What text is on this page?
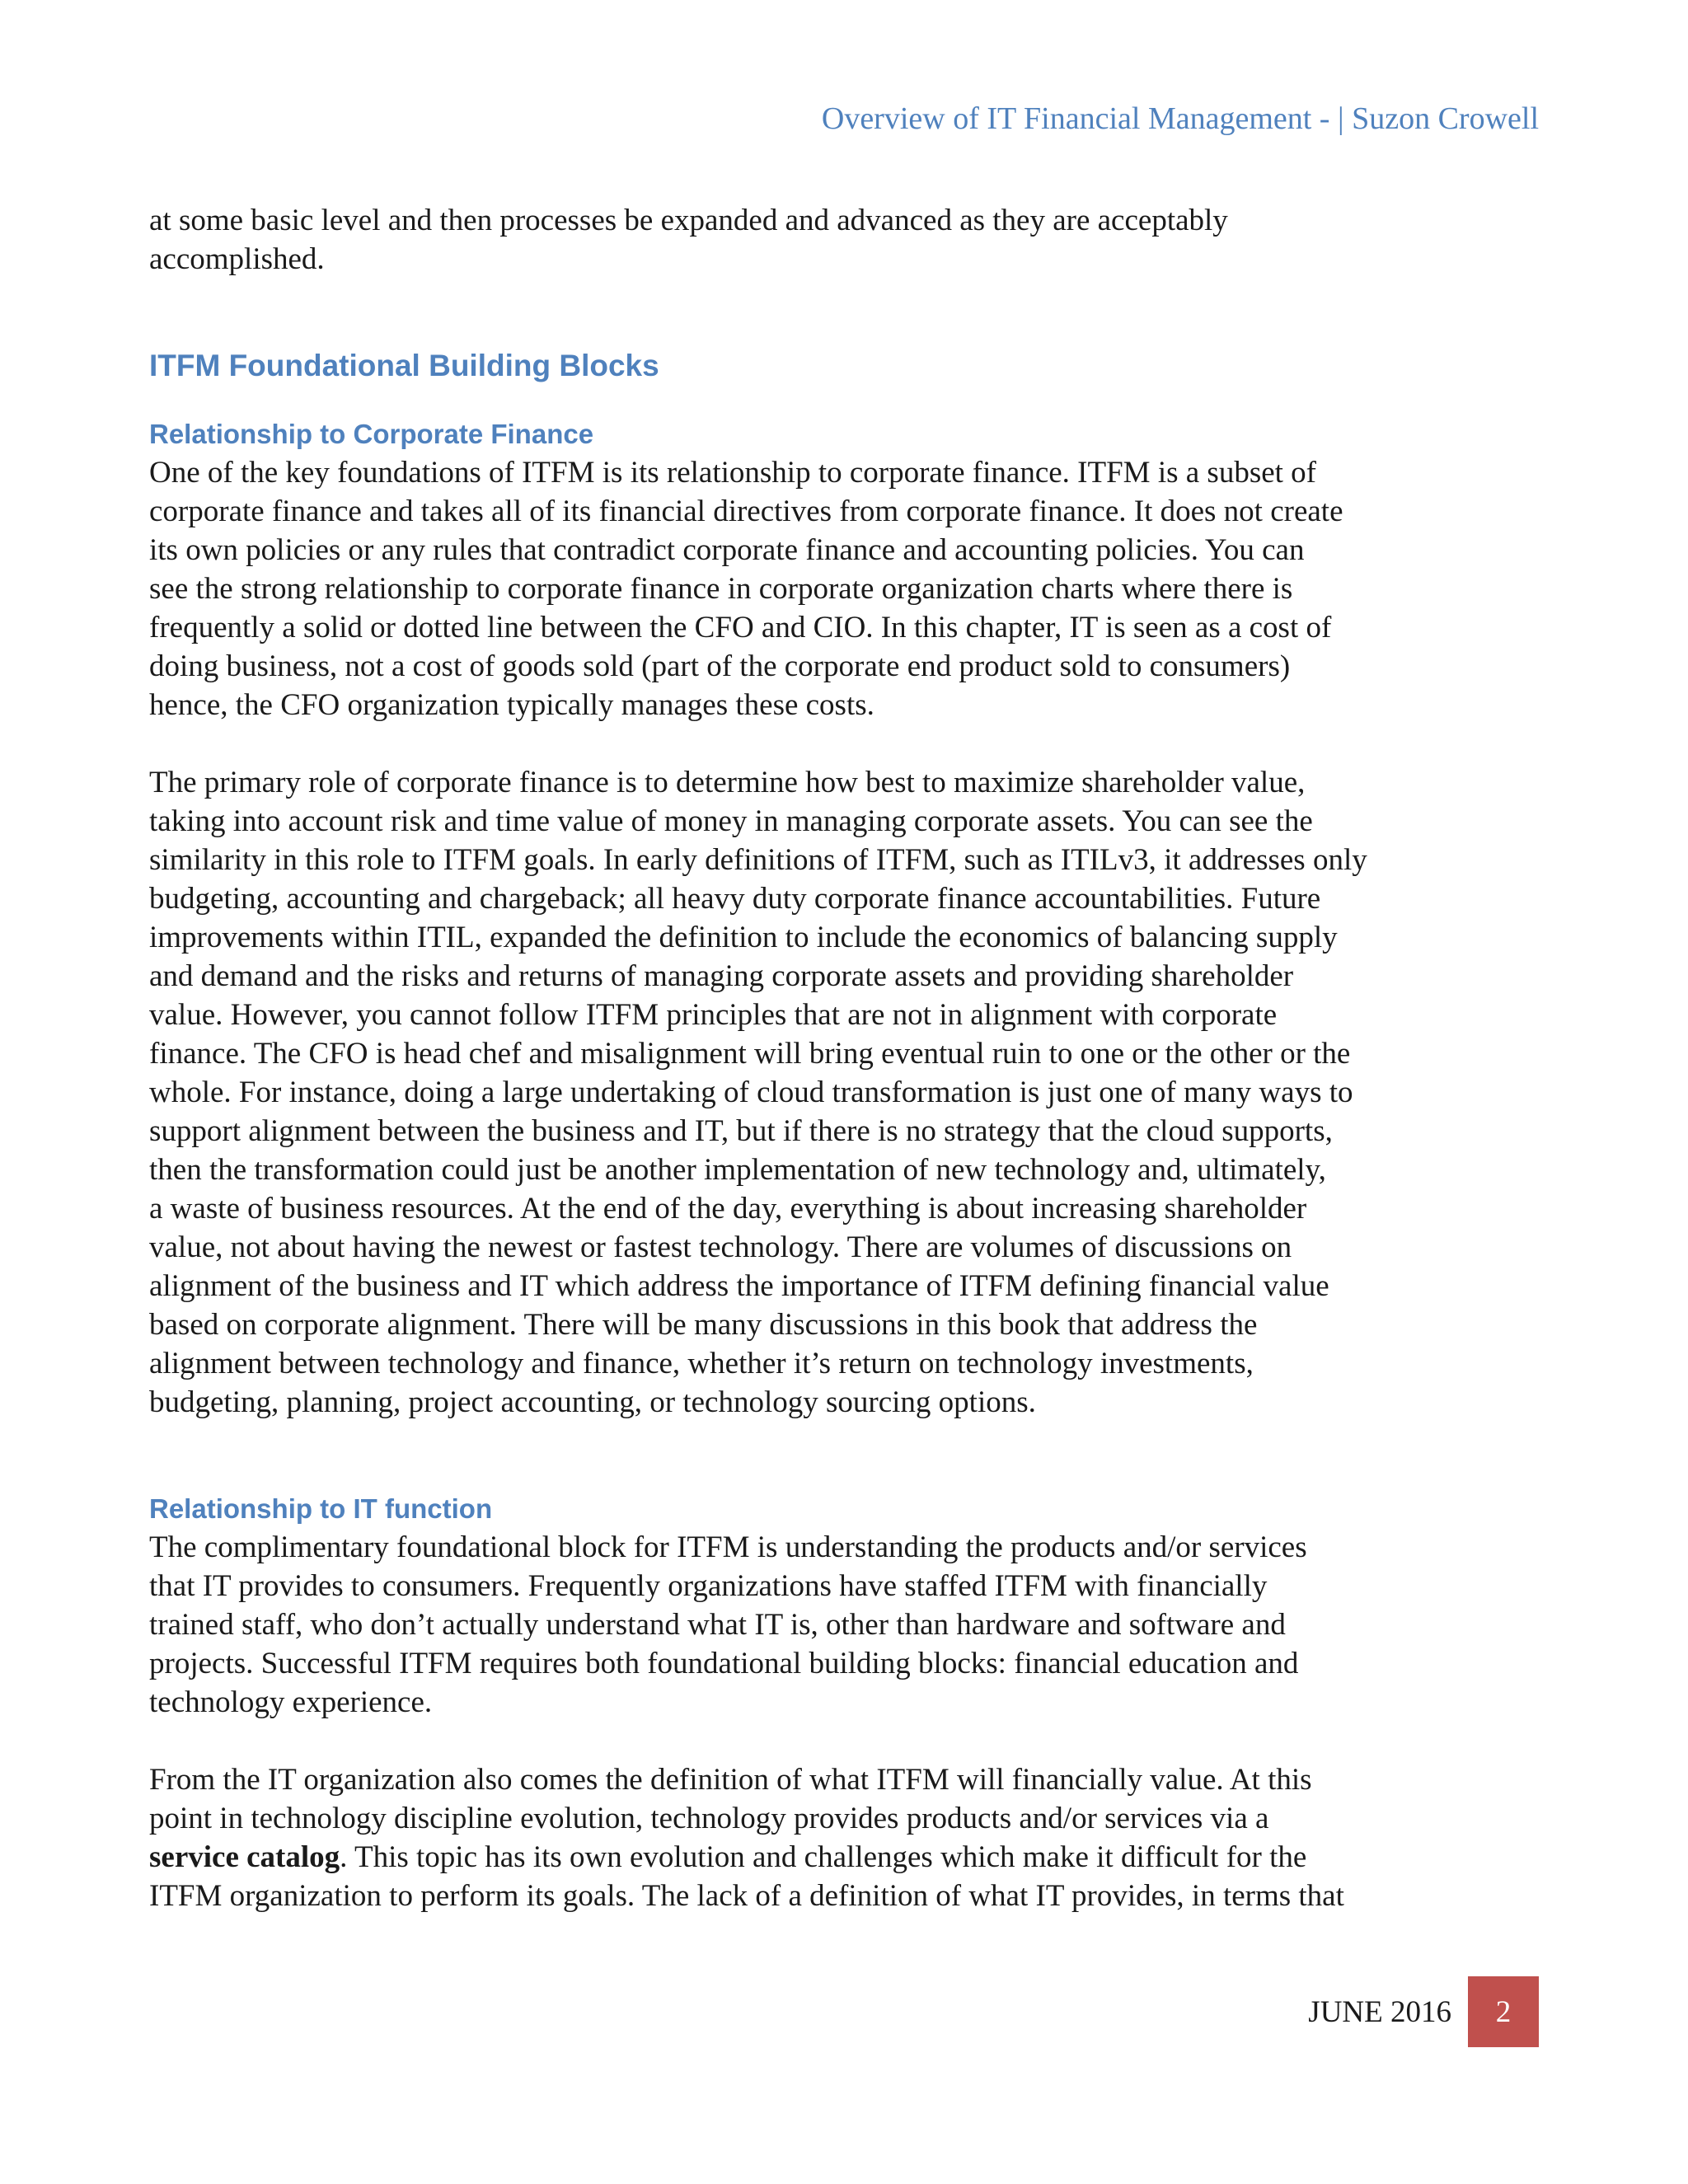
Overview of IT Financial Management - | Suzon Crowell

at some basic level and then processes be expanded and advanced as they are acceptably

accomplished.

ITFM Foundational Building Blocks
Relationship to Corporate Finance

One of the key foundations of ITFM is its relationship to corporate finance. ITFM is a subset of

corporate finance and takes all of its financial directives from corporate finance. It does not create

its own policies or any rules that contradict corporate finance and accounting policies. You can

see the strong relationship to corporate finance in corporate organization charts where there is

frequently a solid or dotted line between the CFO and CIO. In this chapter, IT is seen as a cost of

doing business, not a cost of goods sold (part of the corporate end product sold to consumers)

hence, the CFO organization typically manages these costs.

The primary role of corporate finance is to determine how best to maximize shareholder value,

taking into account risk and time value of money in managing corporate assets. You can see the

similarity in this role to ITFM goals. In early definitions of ITFM, such as ITILv3, it addresses only

budgeting, accounting and chargeback; all heavy duty corporate finance accountabilities. Future

improvements within ITIL, expanded the definition to include the economics of balancing supply

and demand and the risks and returns of managing corporate assets and providing shareholder

value. However, you cannot follow ITFM principles that are not in alignment with corporate

finance. The CFO is head chef and misalignment will bring eventual ruin to one or the other or the

whole. For instance, doing a large undertaking of cloud transformation is just one of many ways to

support alignment between the business and IT, but if there is no strategy that the cloud supports,

then the transformation could just be another implementation of new technology and, ultimately,

a waste of business resources. At the end of the day, everything is about increasing shareholder

value, not about having the newest or fastest technology. There are volumes of discussions on

alignment of the business and IT which address the importance of ITFM defining financial value

based on corporate alignment. There will be many discussions in this book that address the

alignment between technology and finance, whether it’s return on technology investments,

budgeting, planning, project accounting, or technology sourcing options.

Relationship to IT function

The complimentary foundational block for ITFM is understanding the products and/or services

that IT provides to consumers. Frequently organizations have staffed ITFM with financially

trained staff, who don’t actually understand what IT is, other than hardware and software and

projects. Successful ITFM requires both foundational building blocks: financial education and

technology experience.

From the IT organization also comes the definition of what ITFM will financially value. At this

point in technology discipline evolution, technology provides products and/or services via a

service catalog. This topic has its own evolution and challenges which make it difficult for the

ITFM organization to perform its goals. The lack of a definition of what IT provides, in terms that

JUNE 2016 2
